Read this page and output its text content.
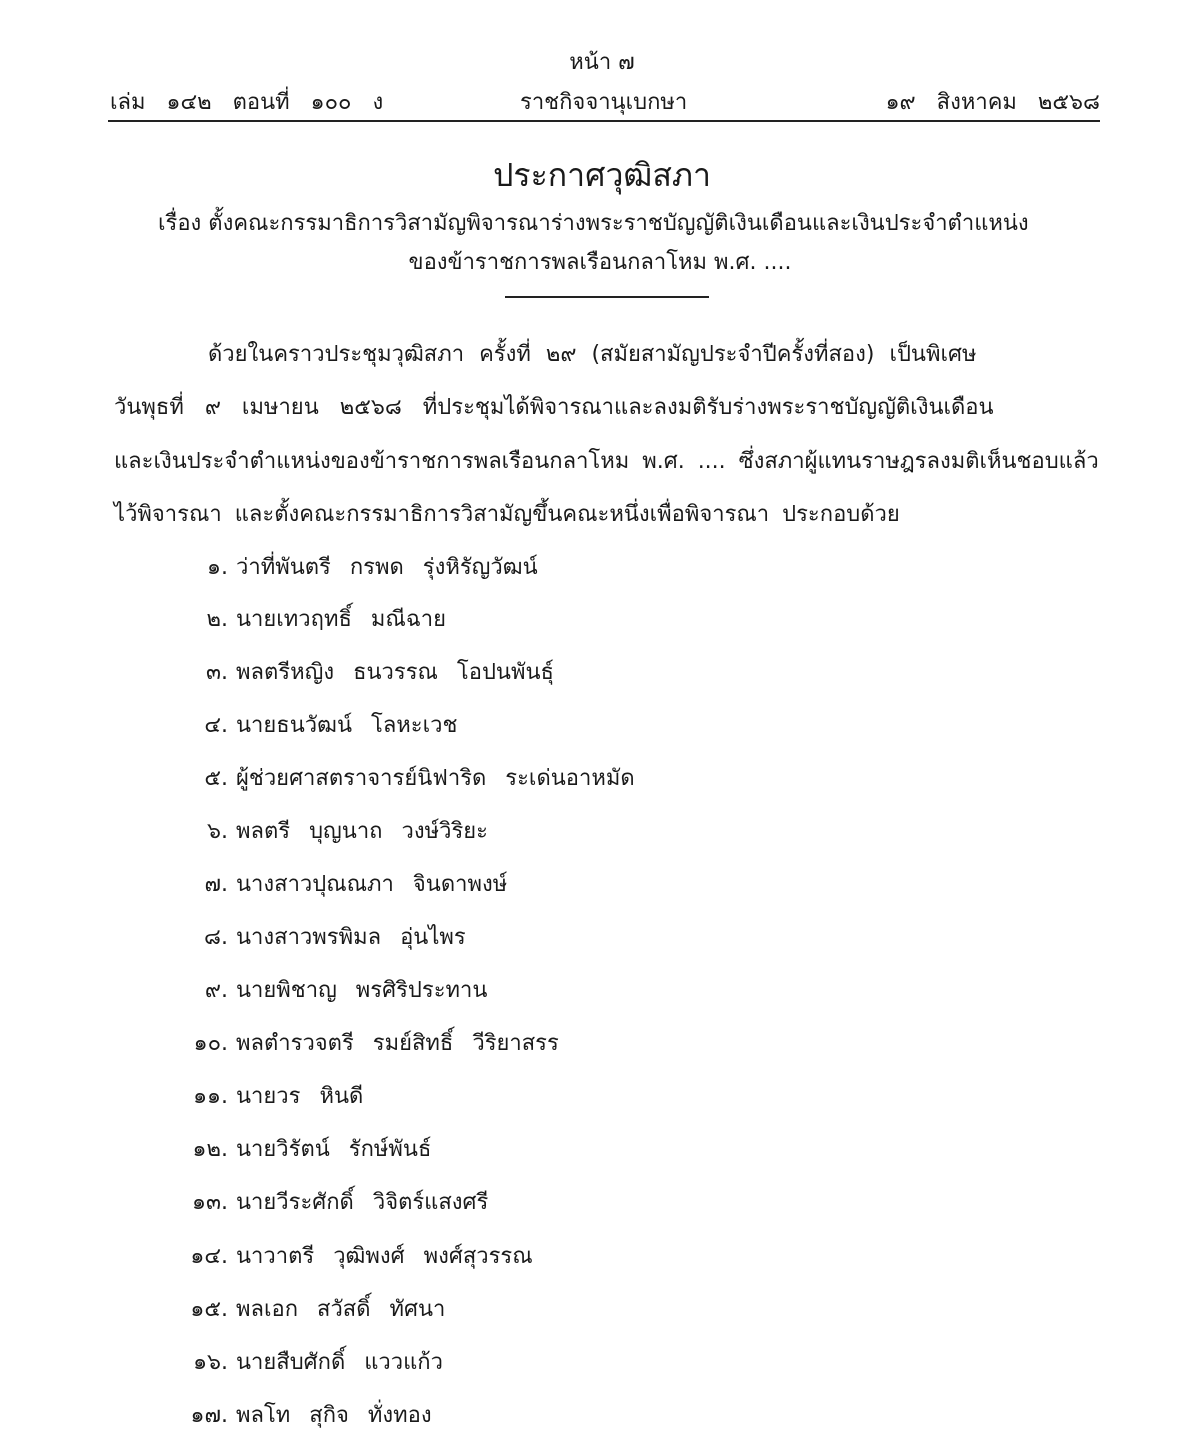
หน้า ๗
เล่ม ๑๔๒ ตอนที่ ๑๐๐ ง	ราชกิจจานุเบกษา	๑๙ สิงหาคม ๒๕๖๘
ประกาศวุฒิสภา
เรื่อง ตั้งคณะกรรมาธิการวิสามัญพิจารณาร่างพระราชบัญญัติเงินเดือนและเงินประจำตำแหน่ง
ของข้าราชการพลเรือนกลาโหม พ.ศ. ....
ด้วยในคราวประชุมวุฒิสภา ครั้งที่ ๒๙ (สมัยสามัญประจำปีครั้งที่สอง) เป็นพิเศษ
วันพุธที่ ๙ เมษายน ๒๕๖๘ ที่ประชุมได้พิจารณาและลงมติรับร่างพระราชบัญญัติเงินเดือน
และเงินประจำตำแหน่งของข้าราชการพลเรือนกลาโหม พ.ศ. .... ซึ่งสภาผู้แทนราษฎรลงมติเห็นชอบแล้ว
ไว้พิจารณา และตั้งคณะกรรมาธิการวิสามัญขึ้นคณะหนึ่งเพื่อพิจารณา ประกอบด้วย
๑. ว่าที่พันตรี กรพด รุ่งหิรัญวัฒน์
๒. นายเทวฤทธิ์ มณีฉาย
๓. พลตรีหญิง ธนวรรณ โอปนพันธุ์
๔. นายธนวัฒน์ โลหะเวช
๕. ผู้ช่วยศาสตราจารย์นิฟาริด ระเด่นอาหมัด
๖. พลตรี บุญนาถ วงษ์วิริยะ
๗. นางสาวปุณณภา จินดาพงษ์
๘. นางสาวพรพิมล อุ่นไพร
๙. นายพิชาญ พรศิริประทาน
๑๐. พลตำรวจตรี รมย์สิทธิ์ วีริยาสรร
๑๑. นายวร หินดี
๑๒. นายวิรัตน์ รักษ์พันธ์
๑๓. นายวีระศักดิ์ วิจิตร์แสงศรี
๑๔. นาวาตรี วุฒิพงศ์ พงศ์สุวรรณ
๑๕. พลเอก สวัสดิ์ ทัศนา
๑๖. นายสืบศักดิ์ แววแก้ว
๑๗. พลโท สุกิจ ทั่งทอง
